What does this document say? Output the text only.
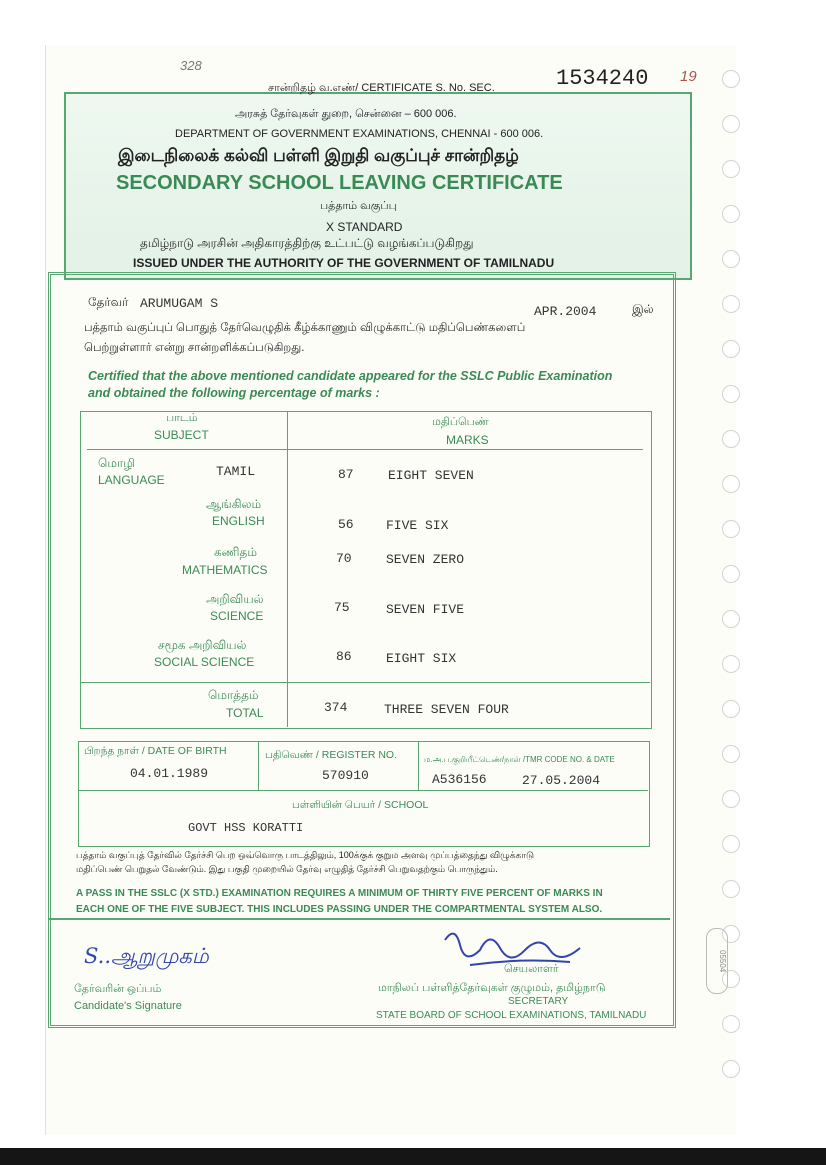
328
சான்றிதழ் வ.எண்/ CERTIFICATE S. No. SEC.	1534240 19
அரசுத் தேர்வுகள் துறை, சென்னை – 600 006.
DEPARTMENT OF GOVERNMENT EXAMINATIONS, CHENNAI - 600 006.
இடைநிலைக் கல்வி பள்ளி இறுதி வகுப்புச் சான்றிதழ்
SECONDARY SCHOOL LEAVING CERTIFICATE
பத்தாம் வகுப்பு
X STANDARD
தமிழ்நாடு அரசின் அதிகாரத்திற்கு உட்பட்டு வழங்கப்படுகிறது
ISSUED UNDER THE AUTHORITY OF THE GOVERNMENT OF TAMILNADU
தேர்வர் ARUMUGAM S
APR.2004	இல்
பத்தாம் வகுப்புப் பொதுத் தேர்வெழுதிக் கீழ்க்காணும் விழுக்காட்டு மதிப்பெண்களைப்
பெற்றுள்ளார் என்று சான்றளிக்கப்படுகிறது.
Certified that the above mentioned candidate appeared for the SSLC Public Examination
and obtained the following percentage of marks :
பாடம்
SUBJECT
மதிப்பெண்
MARKS
மொழி
LANGUAGE
TAMIL	87	EIGHT SEVEN
ஆங்கிலம்
ENGLISH	56 FIVE SIX
கணிதம்
MATHEMATICS
70	SEVEN ZERO
அறிவியல்
SCIENCE
75	SEVEN FIVE
சமூக அறிவியல்
SOCIAL SCIENCE	86	EIGHT SIX
மொத்தம்
TOTAL	374	THREE SEVEN FOUR
பிறந்த நாள் / DATE OF BIRTH
04.01.1989
பதிவெண் / REGISTER NO.
570910
ம.அ.ப.குறியீட்டெண்/நாள் /TMR CODE NO. & DATE
A536156	27.05.2004
பள்ளியின் பெயர் / SCHOOL
GOVT HSS KORATTI
பத்தாம் வகுப்புத் தேர்வில் தேர்ச்சி பெற ஒவ்வொரு பாடத்திலும், 100க்குக் குறும அளவு முப்பத்தைந்து விழுக்காடு
மதிப்பெண் பெறுதல் வேண்டும். இது பகுதி முறையில் தேர்வு எழுதித் தேர்ச்சி பெறுவதற்கும் பொருந்தும்.
A PASS IN THE SSLC (X STD.) EXAMINATION REQUIRES A MINIMUM OF THIRTY FIVE PERCENT OF MARKS IN
EACH ONE OF THE FIVE SUBJECT. THIS INCLUDES PASSING UNDER THE COMPARTMENTAL SYSTEM ALSO.
S..ஆறுமுகம்
தேர்வரின் ஒப்பம்
Candidate's Signature
செயலாளர்
மாநிலப் பள்ளித்தேர்வுகள் குழுமம், தமிழ்நாடு
SECRETARY
STATE BOARD OF SCHOOL EXAMINATIONS, TAMILNADU
05504
